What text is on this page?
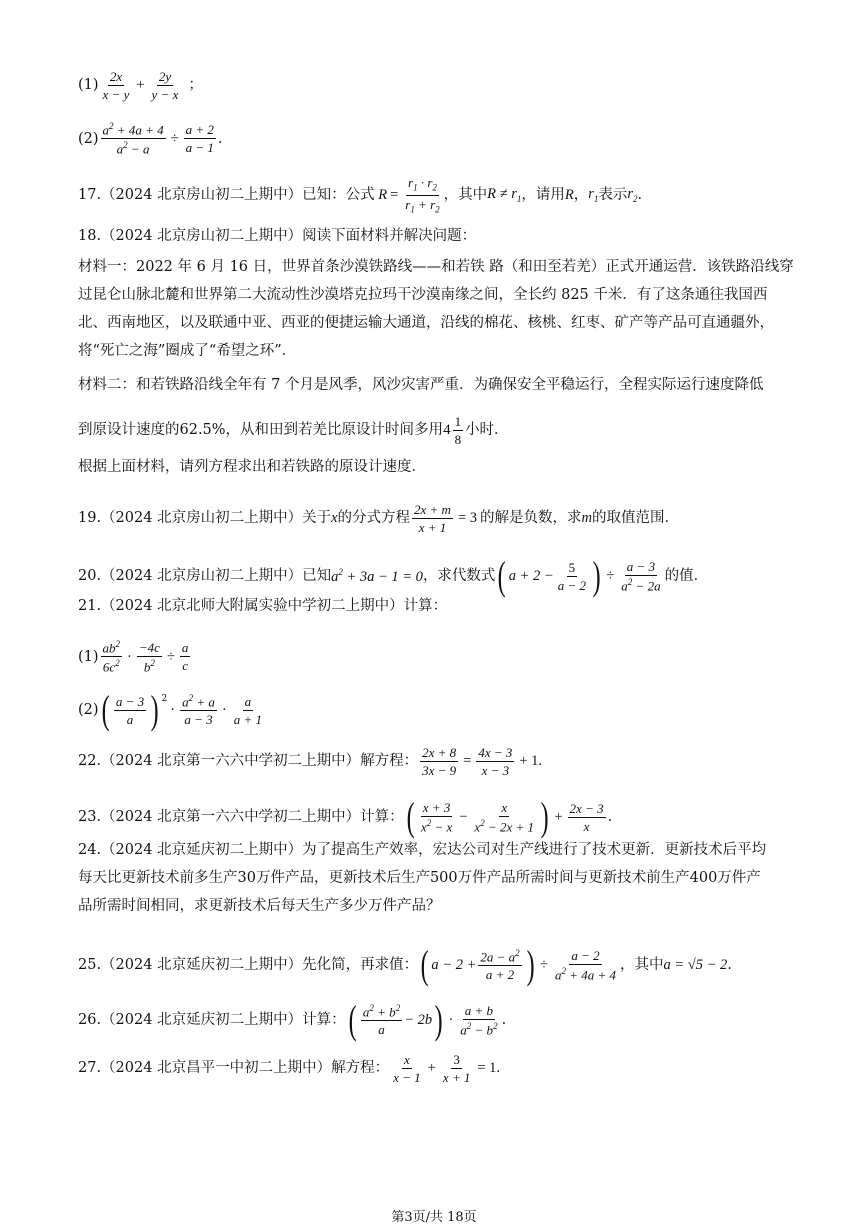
$(1) \frac{2x}{x - y} + \frac{2y}{y - x}$ ；
$(2) \frac{a^2 + 4a + 4}{a^2 - a} \div \frac{a + 2}{a - 1}$ .
17.（2024 北京房山初二上期中）已知：公式 $R = \frac{r_1 \cdot r_2}{r_1 + r_2}$ ，其中 $R \ne r_1$ ，请用 R ， $r_1$ 表示 $r_2$ ．
18.（2024 北京房山初二上期中）阅读下面材料并解决问题：
材料一：2022 年 6 月 16 日，世界首条沙漠铁路线——和若铁 路（和田至若羌）正式开通运营．该铁路沿线穿过昆仑山脉北麓和世界第二大流动性沙漠塔克拉玛干沙漠南缘之间，全长约 825 千米．有了这条通往我国西北、西南地区，以及联通中亚、西亚的便捷运输大通道，沿线的棉花、核桃、红枣、矿产等产品可直通疆外，将“死亡之海”圈成了“希望之环”．
材料二：和若铁路沿线全年有 7 个月是风季，风沙灾害严重．为确保安全平稳运行，全程实际运行速度降低
到原设计速度的62.5%，从和田到若羌比原设计时间多用 $4 \frac{1}{8}$ 小时．
根据上面材料，请列方程求出和若铁路的原设计速度．
19.（2024 北京房山初二上期中）关于 x 的分式方程 $\frac{2x + m}{x + 1} = 3$ 的解是负数，求 m 的取值范围．
20.（2024 北京房山初二上期中）已知 $a^2 + 3a - 1 = 0$ ，求代数式 ( $a + 2 - \frac{5}{a - 2}$ ) ÷ $\frac{a - 3}{a^2 - 2a}$ 的值．
21.（2024 北京北师大附属实验中学初二上期中）计算：
$(1) \frac{ab^2}{6c^2} \cdot \frac{-4c}{b^2} \div \frac{a}{c}$
(2) ( $\frac{a - 3}{a}$ ) $^2$
· $\frac{a^2 + a}{a - 3} \cdot \frac{a}{a + 1}$
22.（2024 北京第一六六中学初二上期中）解方程： $\frac{2x + 8}{3x - 9} = \frac{4x - 3}{x - 3} + 1$.
23.（2024 北京第一六六中学初二上期中）计算： ( $\frac{x + 3}{x^2 - x} - \frac{x}{x^2 - 2x + 1}$ ) + $\frac{2x - 3}{x}$ .
24.（2024 北京延庆初二上期中）为了提高生产效率，宏达公司对生产线进行了技术更新．更新技术后平均
每天比更新技术前多生产30万件产品，更新技术后生产500万件产品所需时间与更新技术前生产400万件产
品所需时间相同，求更新技术后每天生产多少万件产品？
25.（2024 北京延庆初二上期中）先化简，再求值： ( $a - 2 + \frac{2a - a^2}{a + 2}$ ) ÷ $\frac{a - 2}{a^2 + 4a + 4}$ ，其中 a = √5 − 2 .
26.（2024 北京延庆初二上期中）计算： ( $\frac{a^2 + b^2}{a} - 2b$ ) · $\frac{a + b}{a^2 - b^2}$ .
27.（2024 北京昌平一中初二上期中）解方程： $\frac{x}{x - 1} + \frac{3}{x + 1} = 1$.
第3页/共 18页
